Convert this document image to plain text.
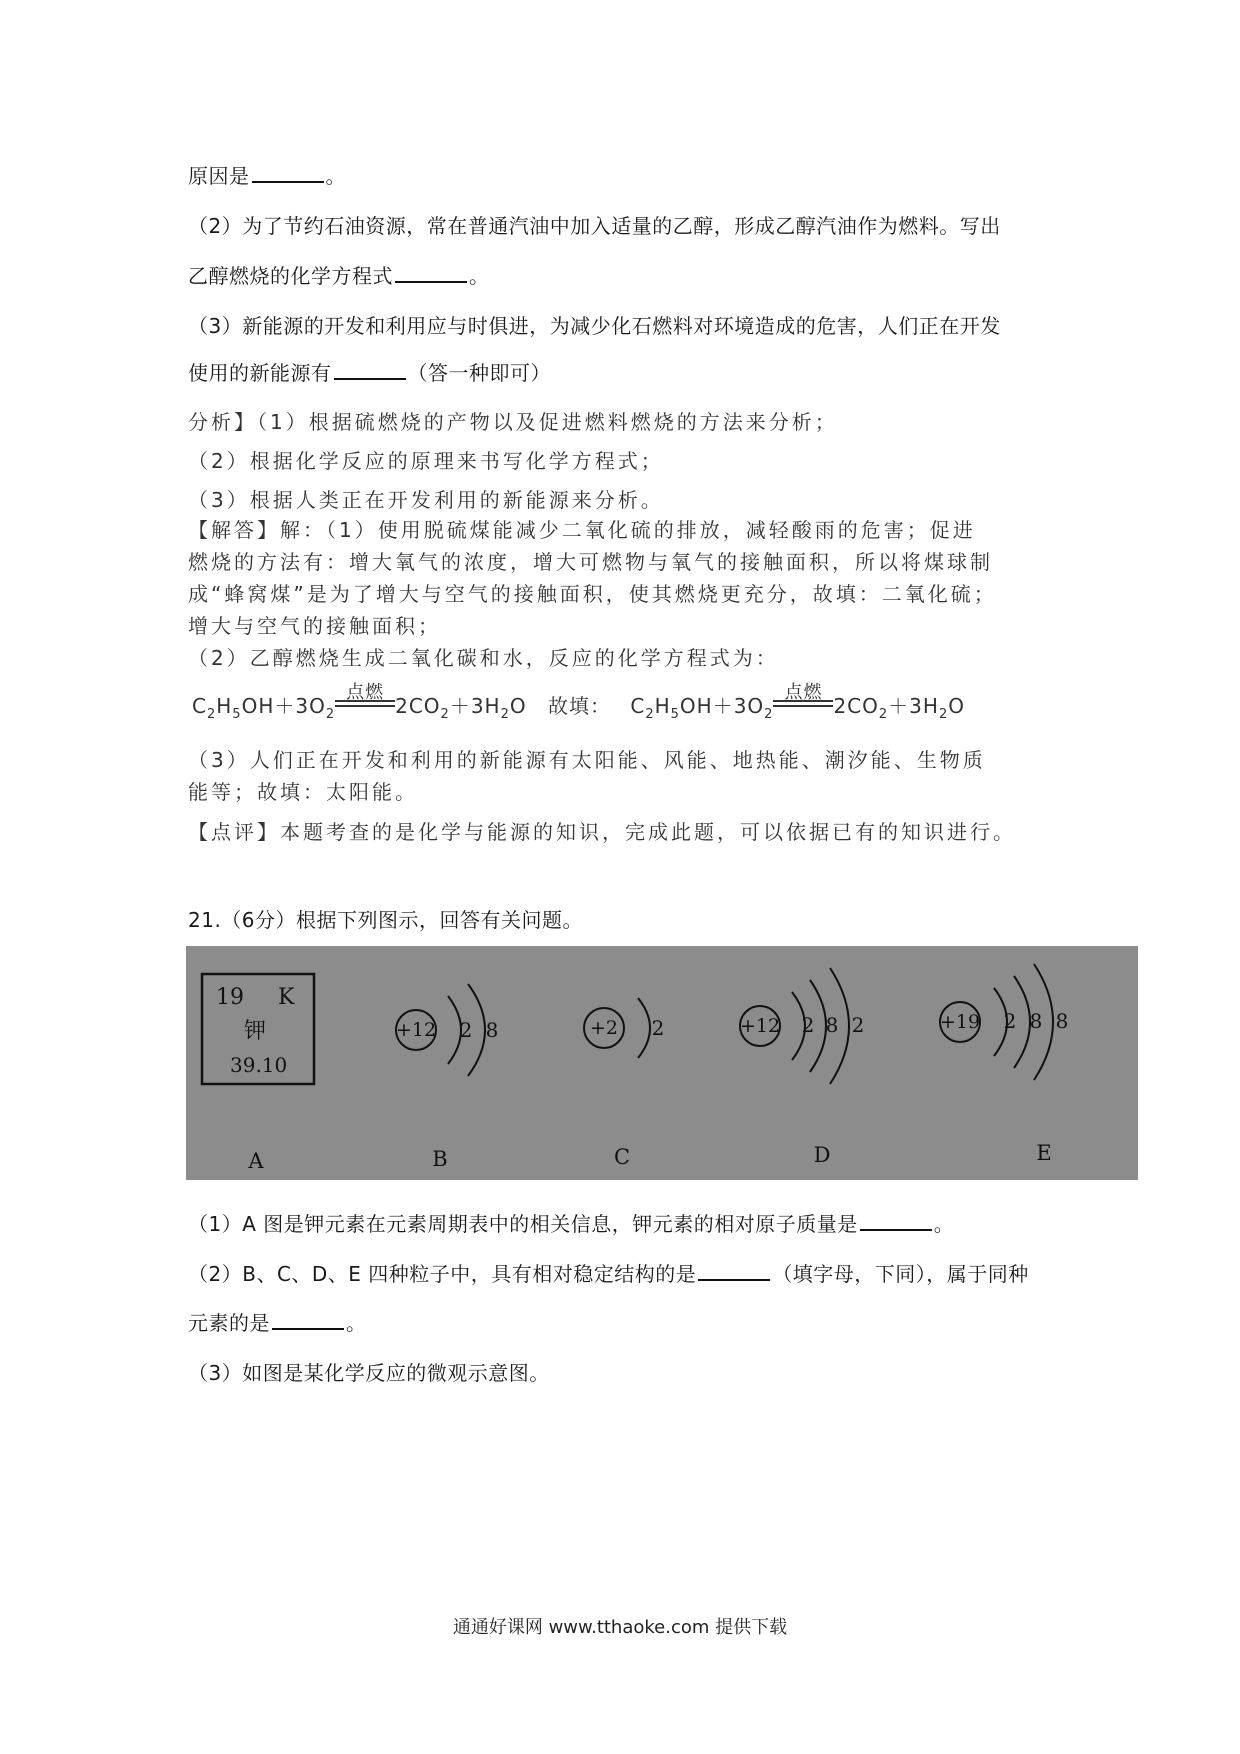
原因是	。
（2）为了节约石油资源，常在普通汽油中加入适量的乙醇，形成乙醇汽油作为燃料。写出
乙醇燃烧的化学方程式	。
（3）新能源的开发和利用应与时俱进，为减少化石燃料对环境造成的危害，人们正在开发
使用的新能源有	（答一种即可）
分析】（1）根据硫燃烧的产物以及促进燃料燃烧的方法来分析；
（2）根据化学反应的原理来书写化学方程式；
（3）根据人类正在开发利用的新能源来分析。
【解答】解：（1）使用脱硫煤能减少二氧化硫的排放，减轻酸雨的危害；促进
燃烧的方法有：增大氧气的浓度，增大可燃物与氧气的接触面积，所以将煤球制
成“蜂窝煤”是为了增大与空气的接触面积，使其燃烧更充分，故填：二氧化硫；
增大与空气的接触面积；
（2）乙醇燃烧生成二氧化碳和水，反应的化学方程式为：
$C_2H_5OH+3O_2$
点燃
$2CO_2+3H_2O$ 故填： $C_2H_5OH+3O_2$
点燃
$2CO_2+3H_2O$
（3）人们正在开发和利用的新能源有太阳能、风能、地热能、潮汐能、生物质
能等；故填：太阳能。
【点评】本题考查的是化学与能源的知识，完成此题，可以依据已有的知识进行。
21.（6分）根据下列图示，回答有关问题。
19 K
钾
39.10
+12 2 8	+2 2	+12 2 8 2	+19 2 8 8
A	B	C	D	E
（1）A 图是钾元素在元素周期表中的相关信息，钾元素的相对原子质量是	。
（2）B、C、D、E 四种粒子中，具有相对稳定结构的是	（填字母，下同），属于同种
元素的是	。
（3）如图是某化学反应的微观示意图。
通通好课网 www.tthaoke.com 提供下载
